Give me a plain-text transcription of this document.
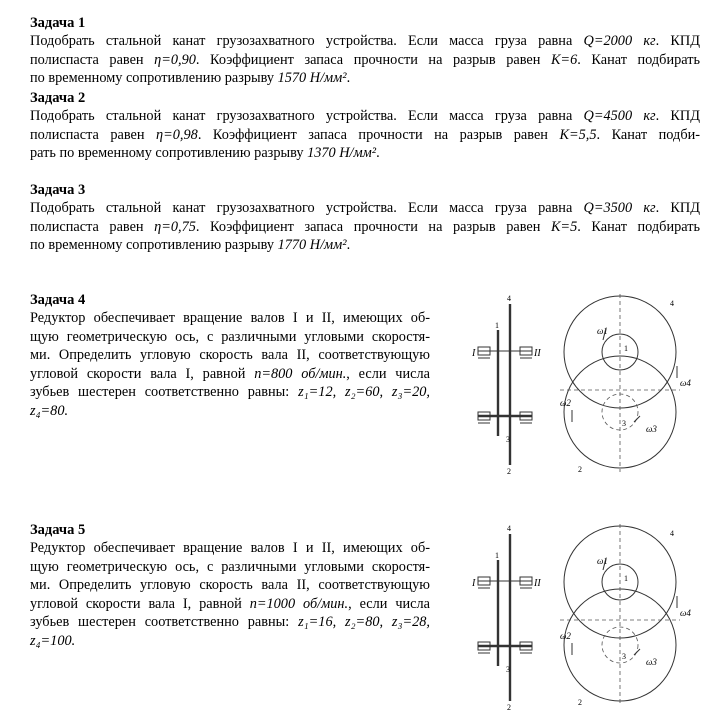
Задача 1
Подобрать стальной канат грузозахватного устройства. Если масса груза равна Q=2000 кг. КПД
полиспаста равен η=0,90. Коэффициент запаса прочности на разрыв равен К=6. Канат подбирать
по временному сопротивлению разрыву 1570 Н/мм².
Задача 2
Подобрать стальной канат грузозахватного устройства. Если масса груза равна Q=4500 кг. КПД
полиспаста равен η=0,98. Коэффициент запаса прочности на разрыв равен К=5,5. Канат подби-
рать по временному сопротивлению разрыву 1370 Н/мм².
Задача 3
Подобрать стальной канат грузозахватного устройства. Если масса груза равна Q=3500 кг. КПД
полиспаста равен η=0,75. Коэффициент запаса прочности на разрыв равен К=5. Канат подбирать
по временному сопротивлению разрыву 1770 Н/мм².
Задача 4
Редуктор обеспечивает вращение валов I и II, имеющих об-
щую геометрическую ось, с различными угловыми скоростя-
ми. Определить угловую скорость вала II, соответствующую
угловой скорости вала I, равной n=800 об/мин., если числа
зубьев шестерен соответственно равны: z₁=12, z₂=60, z₃=20,
z₄=80.
Задача 5
Редуктор обеспечивает вращение валов I и II, имеющих об-
щую геометрическую ось, с различными угловыми скоростя-
ми. Определить угловую скорость вала II, соответствующую
угловой скорости вала I, равной n=1000 об/мин., если числа
зубьев шестерен соответственно равны: z₁=16, z₂=80, z₃=28,
z₄=100.
I	II
4
1
3
2
1
3
4
2
ω1
ω2
ω3
ω4
I	II
4
1
3
2
1
3
4
2
ω1
ω2
ω3
ω4
